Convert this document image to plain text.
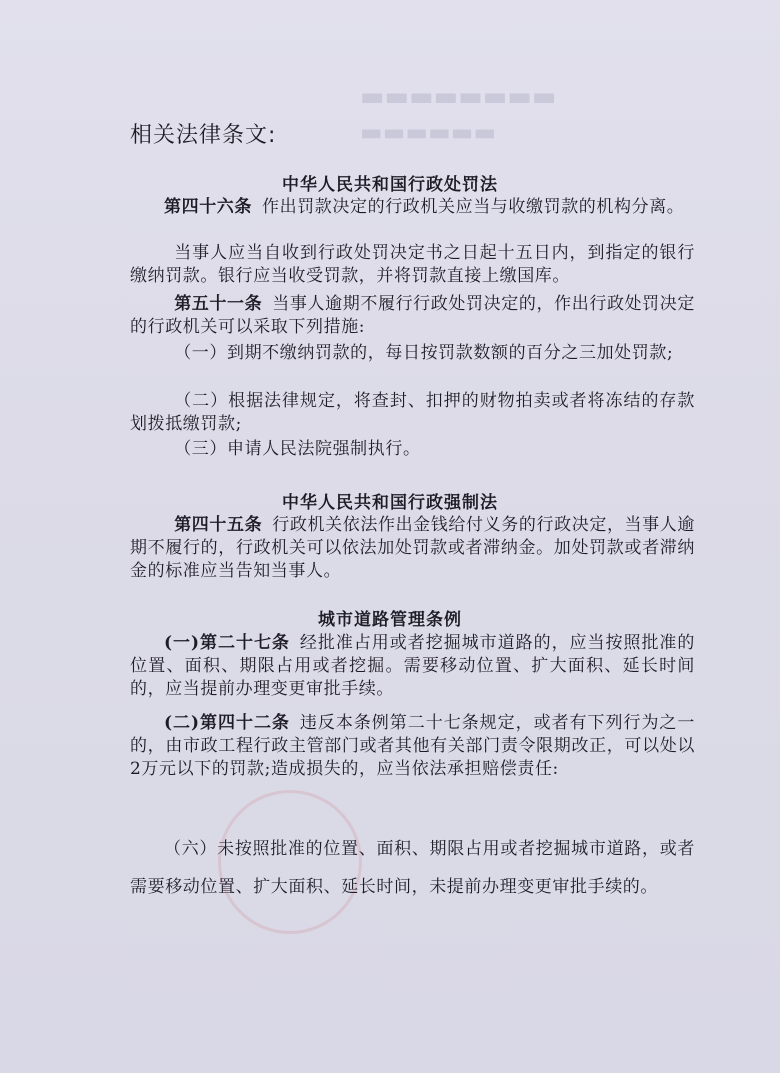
▬▬▬▬▬▬▬▬
▬▬▬▬▬▬
相关法律条文:
中华人民共和国行政处罚法
第四十六条 作出罚款决定的行政机关应当与收缴罚款的机构分离。
当事人应当自收到行政处罚决定书之日起十五日内，到指定的银行缴纳罚款。银行应当收受罚款，并将罚款直接上缴国库。
第五十一条 当事人逾期不履行行政处罚决定的，作出行政处罚决定的行政机关可以采取下列措施:
（一）到期不缴纳罚款的，每日按罚款数额的百分之三加处罚款;
（二）根据法律规定，将查封、扣押的财物拍卖或者将冻结的存款划拨抵缴罚款;
（三）申请人民法院强制执行。
中华人民共和国行政强制法
第四十五条 行政机关依法作出金钱给付义务的行政决定，当事人逾期不履行的，行政机关可以依法加处罚款或者滞纳金。加处罚款或者滞纳金的标准应当告知当事人。
城市道路管理条例
(一)第二十七条 经批准占用或者挖掘城市道路的，应当按照批准的位置、面积、期限占用或者挖掘。需要移动位置、扩大面积、延长时间的，应当提前办理变更审批手续。
(二)第四十二条 违反本条例第二十七条规定，或者有下列行为之一的，由市政工程行政主管部门或者其他有关部门责令限期改正，可以处以2万元以下的罚款;造成损失的，应当依法承担赔偿责任:
（六）未按照批准的位置、面积、期限占用或者挖掘城市道路，或者需要移动位置、扩大面积、延长时间，未提前办理变更审批手续的。
